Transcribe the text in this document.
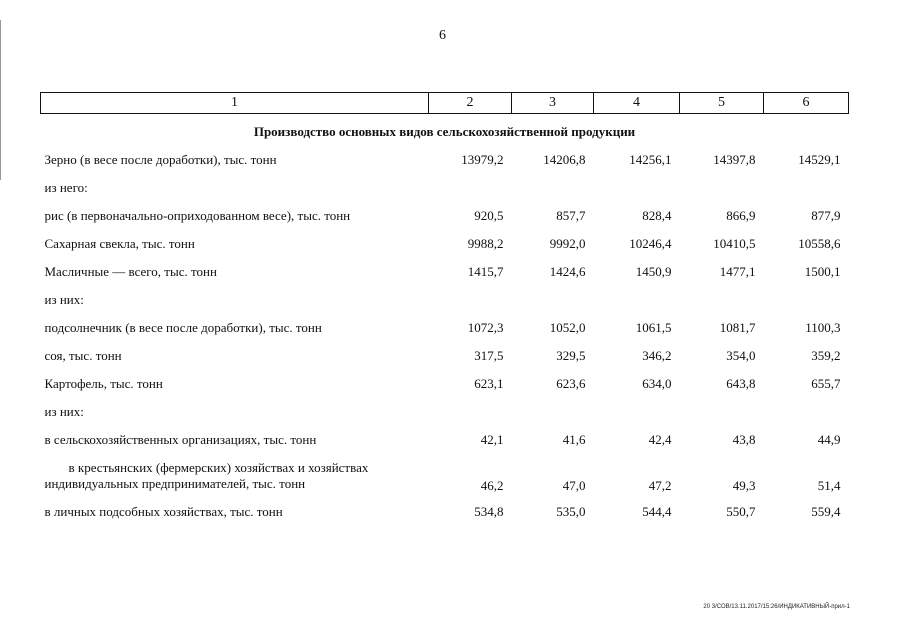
6
1	2	3	4	5	6
Производство основных видов сельскохозяйственной продукции					
Зерно (в весе после доработки), тыс. тонн	13979,2	14206,8	14256,1	14397,8	14529,1
из него:					
рис (в первоначально-оприходованном весе), тыс. тонн	920,5	857,7	828,4	866,9	877,9
Сахарная свекла, тыс. тонн	9988,2	9992,0	10246,4	10410,5	10558,6
Масличные — всего, тыс. тонн	1415,7	1424,6	1450,9	1477,1	1500,1
из них:					
подсолнечник (в весе после доработки), тыс. тонн	1072,3	1052,0	1061,5	1081,7	1100,3
соя, тыс. тонн	317,5	329,5	346,2	354,0	359,2
Картофель, тыс. тонн	623,1	623,6	634,0	643,8	655,7
из них:					
в сельскохозяйственных организациях, тыс. тонн	42,1	41,6	42,4	43,8	44,9
в крестьянских (фермерских) хозяйствах и хозяйствах
индивидуальных предпринимателей, тыс. тонн	46,2	47,0	47,2	49,3	51,4
в личных подсобных хозяйствах, тыс. тонн	534,8	535,0	544,4	550,7	559,4
20 3/СОВ/13.11.2017/15:26/ИНДИКАТИВНЫЙ-прил-1
